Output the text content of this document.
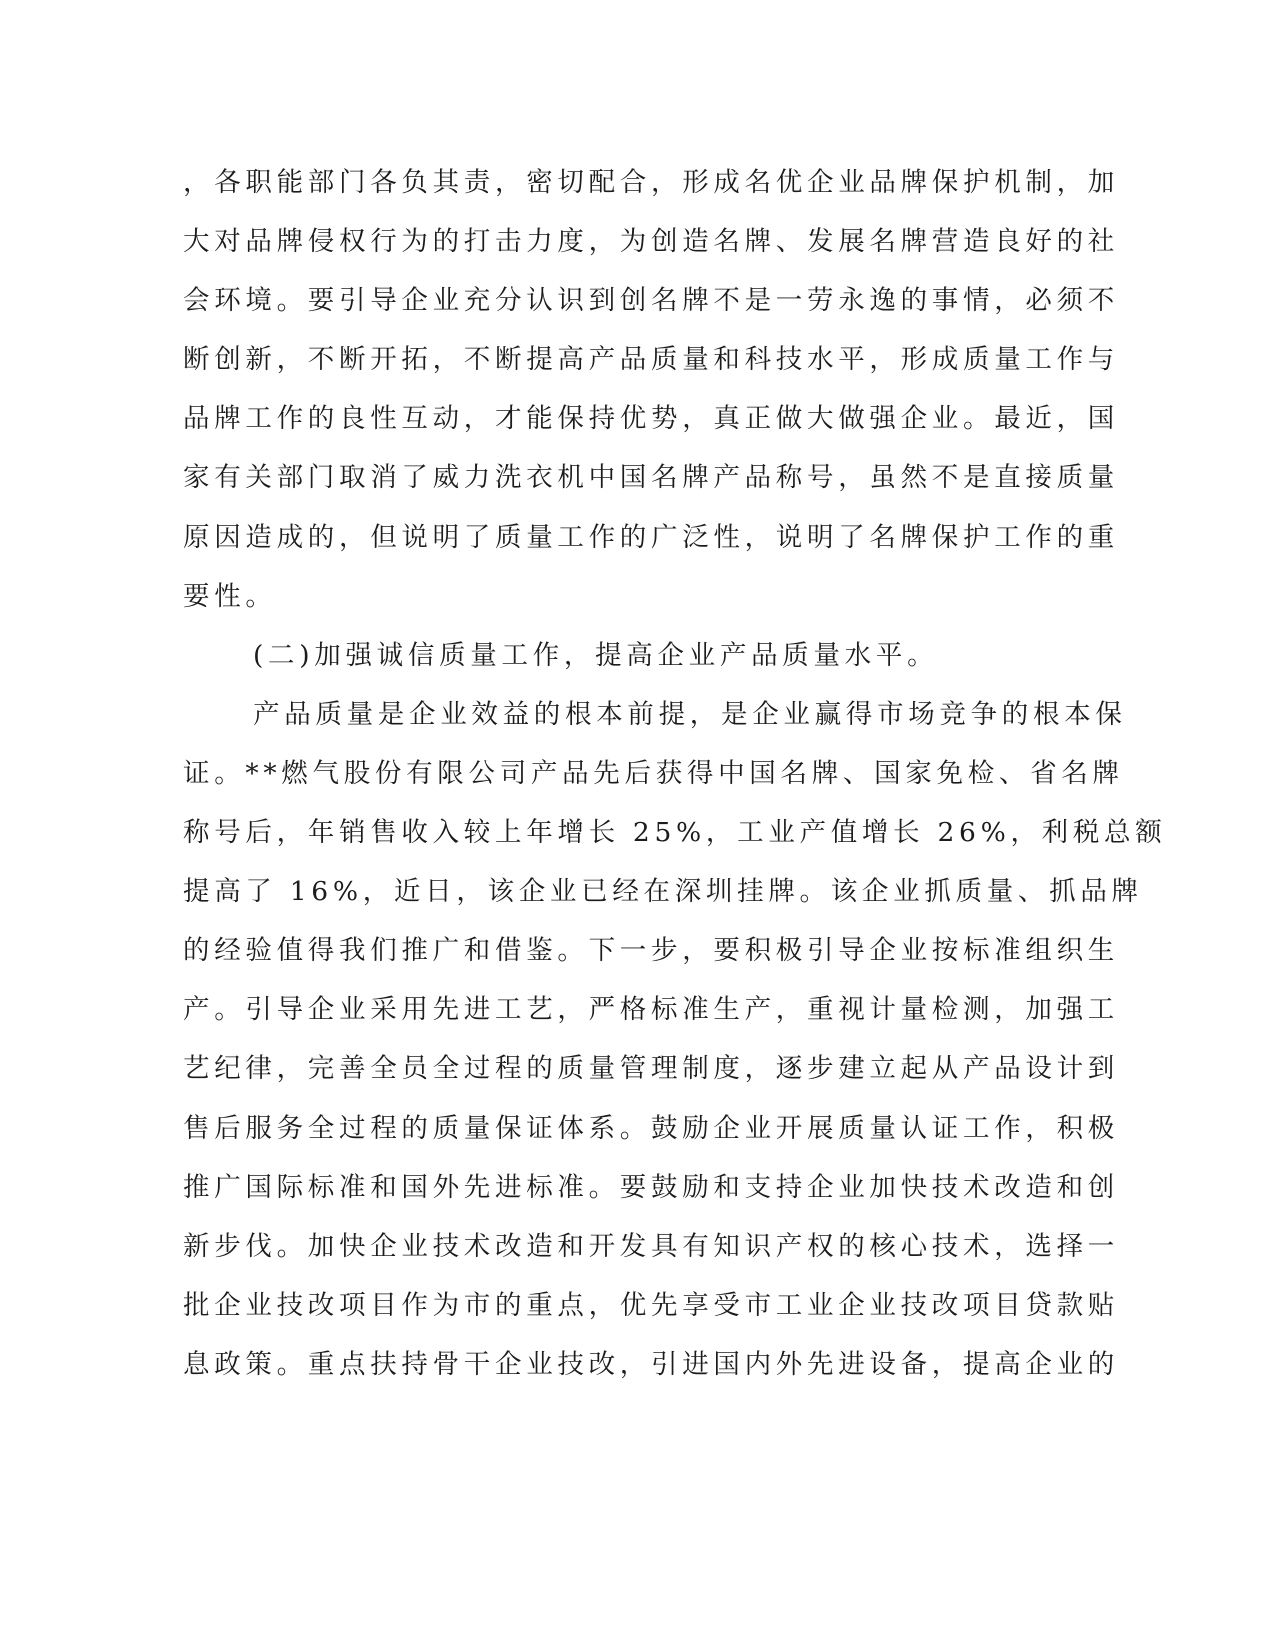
，各职能部门各负其责，密切配合，形成名优企业品牌保护机制，加
大对品牌侵权行为的打击力度，为创造名牌、发展名牌营造良好的社
会环境。要引导企业充分认识到创名牌不是一劳永逸的事情，必须不
断创新，不断开拓，不断提高产品质量和科技水平，形成质量工作与
品牌工作的良性互动，才能保持优势，真正做大做强企业。最近，国
家有关部门取消了威力洗衣机中国名牌产品称号，虽然不是直接质量
原因造成的，但说明了质量工作的广泛性，说明了名牌保护工作的重
要性。
(二)加强诚信质量工作，提高企业产品质量水平。
产品质量是企业效益的根本前提，是企业赢得市场竞争的根本保
证。**燃气股份有限公司产品先后获得中国名牌、国家免检、省名牌
称号后，年销售收入较上年增长 25%，工业产值增长 26%，利税总额
提高了 16%，近日，该企业已经在深圳挂牌。该企业抓质量、抓品牌
的经验值得我们推广和借鉴。下一步，要积极引导企业按标准组织生
产。引导企业采用先进工艺，严格标准生产，重视计量检测，加强工
艺纪律，完善全员全过程的质量管理制度，逐步建立起从产品设计到
售后服务全过程的质量保证体系。鼓励企业开展质量认证工作，积极
推广国际标准和国外先进标准。要鼓励和支持企业加快技术改造和创
新步伐。加快企业技术改造和开发具有知识产权的核心技术，选择一
批企业技改项目作为市的重点，优先享受市工业企业技改项目贷款贴
息政策。重点扶持骨干企业技改，引进国内外先进设备，提高企业的
